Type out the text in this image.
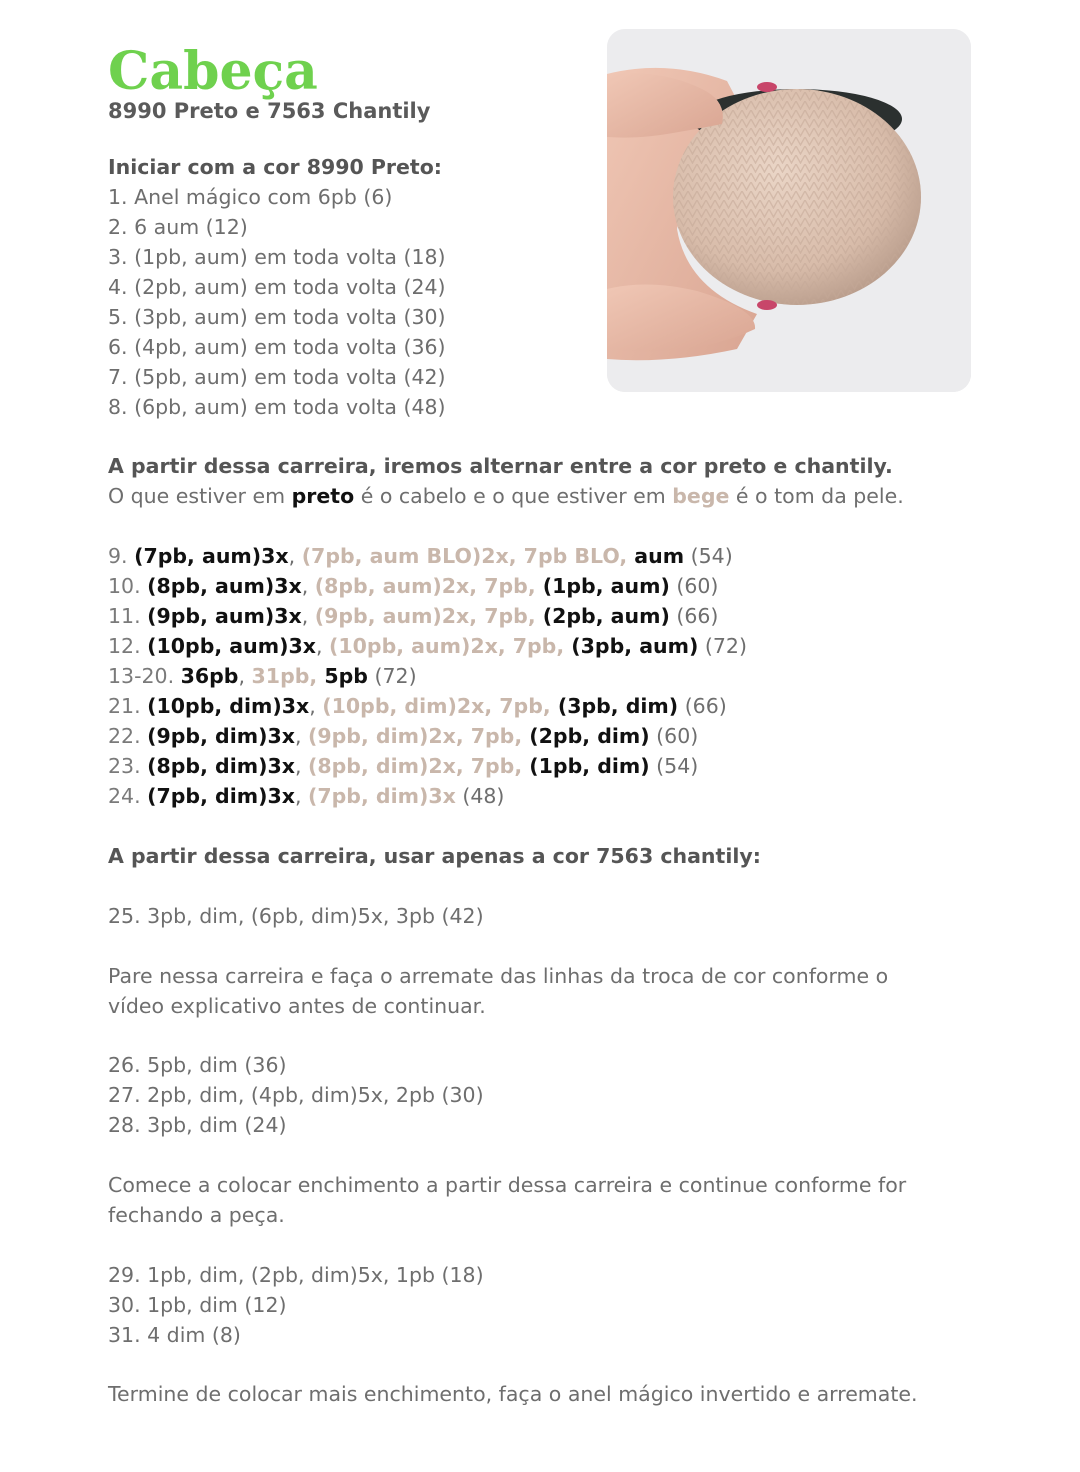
Cabeça
8990 Preto e 7563 Chantily
Iniciar com a cor 8990 Preto:
1. Anel mágico com 6pb (6)
2. 6 aum (12)
3. (1pb, aum) em toda volta (18)
4. (2pb, aum) em toda volta (24)
5. (3pb, aum) em toda volta (30)
6. (4pb, aum) em toda volta (36)
7. (5pb, aum) em toda volta (42)
8. (6pb, aum) em toda volta (48)
A partir dessa carreira, iremos alternar entre a cor preto e chantily.
O que estiver em preto é o cabelo e o que estiver em bege é o tom da pele.
9. (7pb, aum)3x, (7pb, aum BLO)2x, 7pb BLO, aum (54)
10. (8pb, aum)3x, (8pb, aum)2x, 7pb, (1pb, aum) (60)
11. (9pb, aum)3x, (9pb, aum)2x, 7pb, (2pb, aum) (66)
12. (10pb, aum)3x, (10pb, aum)2x, 7pb, (3pb, aum) (72)
13-20. 36pb, 31pb, 5pb (72)
21. (10pb, dim)3x, (10pb, dim)2x, 7pb, (3pb, dim) (66)
22. (9pb, dim)3x, (9pb, dim)2x, 7pb, (2pb, dim) (60)
23. (8pb, dim)3x, (8pb, dim)2x, 7pb, (1pb, dim) (54)
24. (7pb, dim)3x, (7pb, dim)3x (48)
A partir dessa carreira, usar apenas a cor 7563 chantily:
25. 3pb, dim, (6pb, dim)5x, 3pb (42)
Pare nessa carreira e faça o arremate das linhas da troca de cor conforme o vídeo explicativo antes de continuar.
26. 5pb, dim (36)
27. 2pb, dim, (4pb, dim)5x, 2pb (30)
28. 3pb, dim (24)
Comece a colocar enchimento a partir dessa carreira e continue conforme for fechando a peça.
29. 1pb, dim, (2pb, dim)5x, 1pb (18)
30. 1pb, dim (12)
31. 4 dim (8)
Termine de colocar mais enchimento, faça o anel mágico invertido e arremate.
